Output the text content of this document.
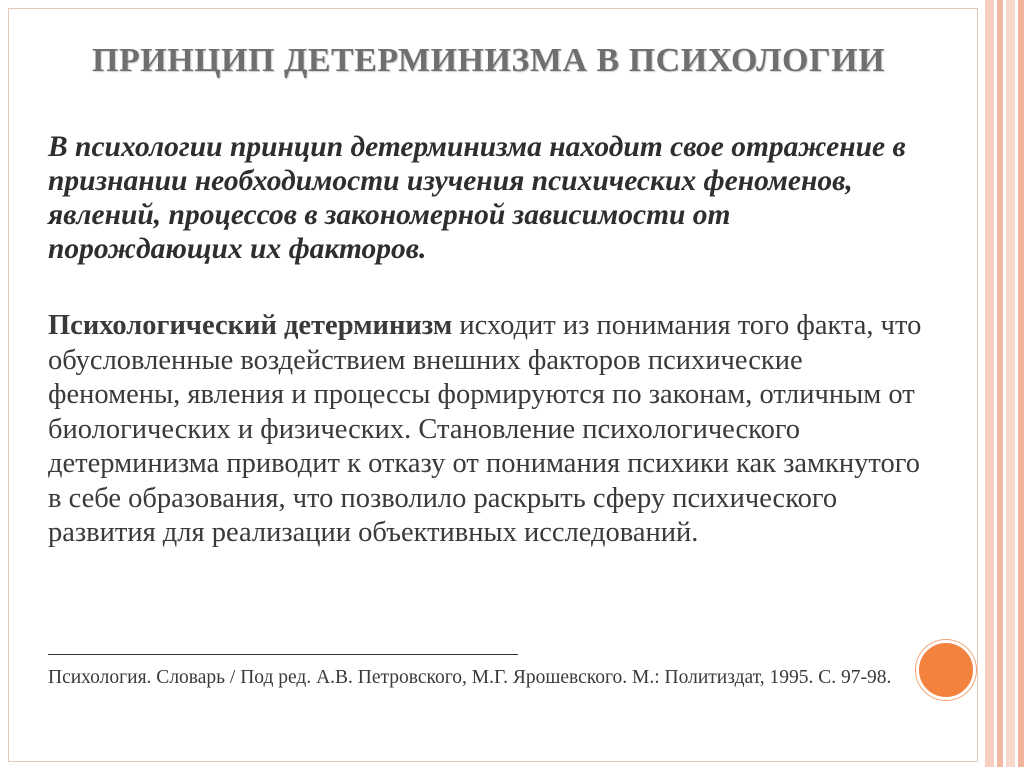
ПРИНЦИП ДЕТЕРМИНИЗМА В ПСИХОЛОГИИ
В психологии принцип детерминизма находит свое отражение в признании необходимости изучения психических феноменов, явлений, процессов в закономерной зависимости от порождающих их факторов.
Психологический детерминизм исходит из понимания того факта, что обусловленные воздействием внешних факторов психические феномены, явления и процессы формируются по законам, отличным от биологических и физических. Становление психологического детерминизма приводит к отказу от понимания психики как замкнутого в себе образования, что позволило раскрыть сферу психического развития для реализации объективных исследований.
Психология. Словарь / Под ред. А.В. Петровского, М.Г. Ярошевского. М.: Политиздат, 1995. С. 97-98.
